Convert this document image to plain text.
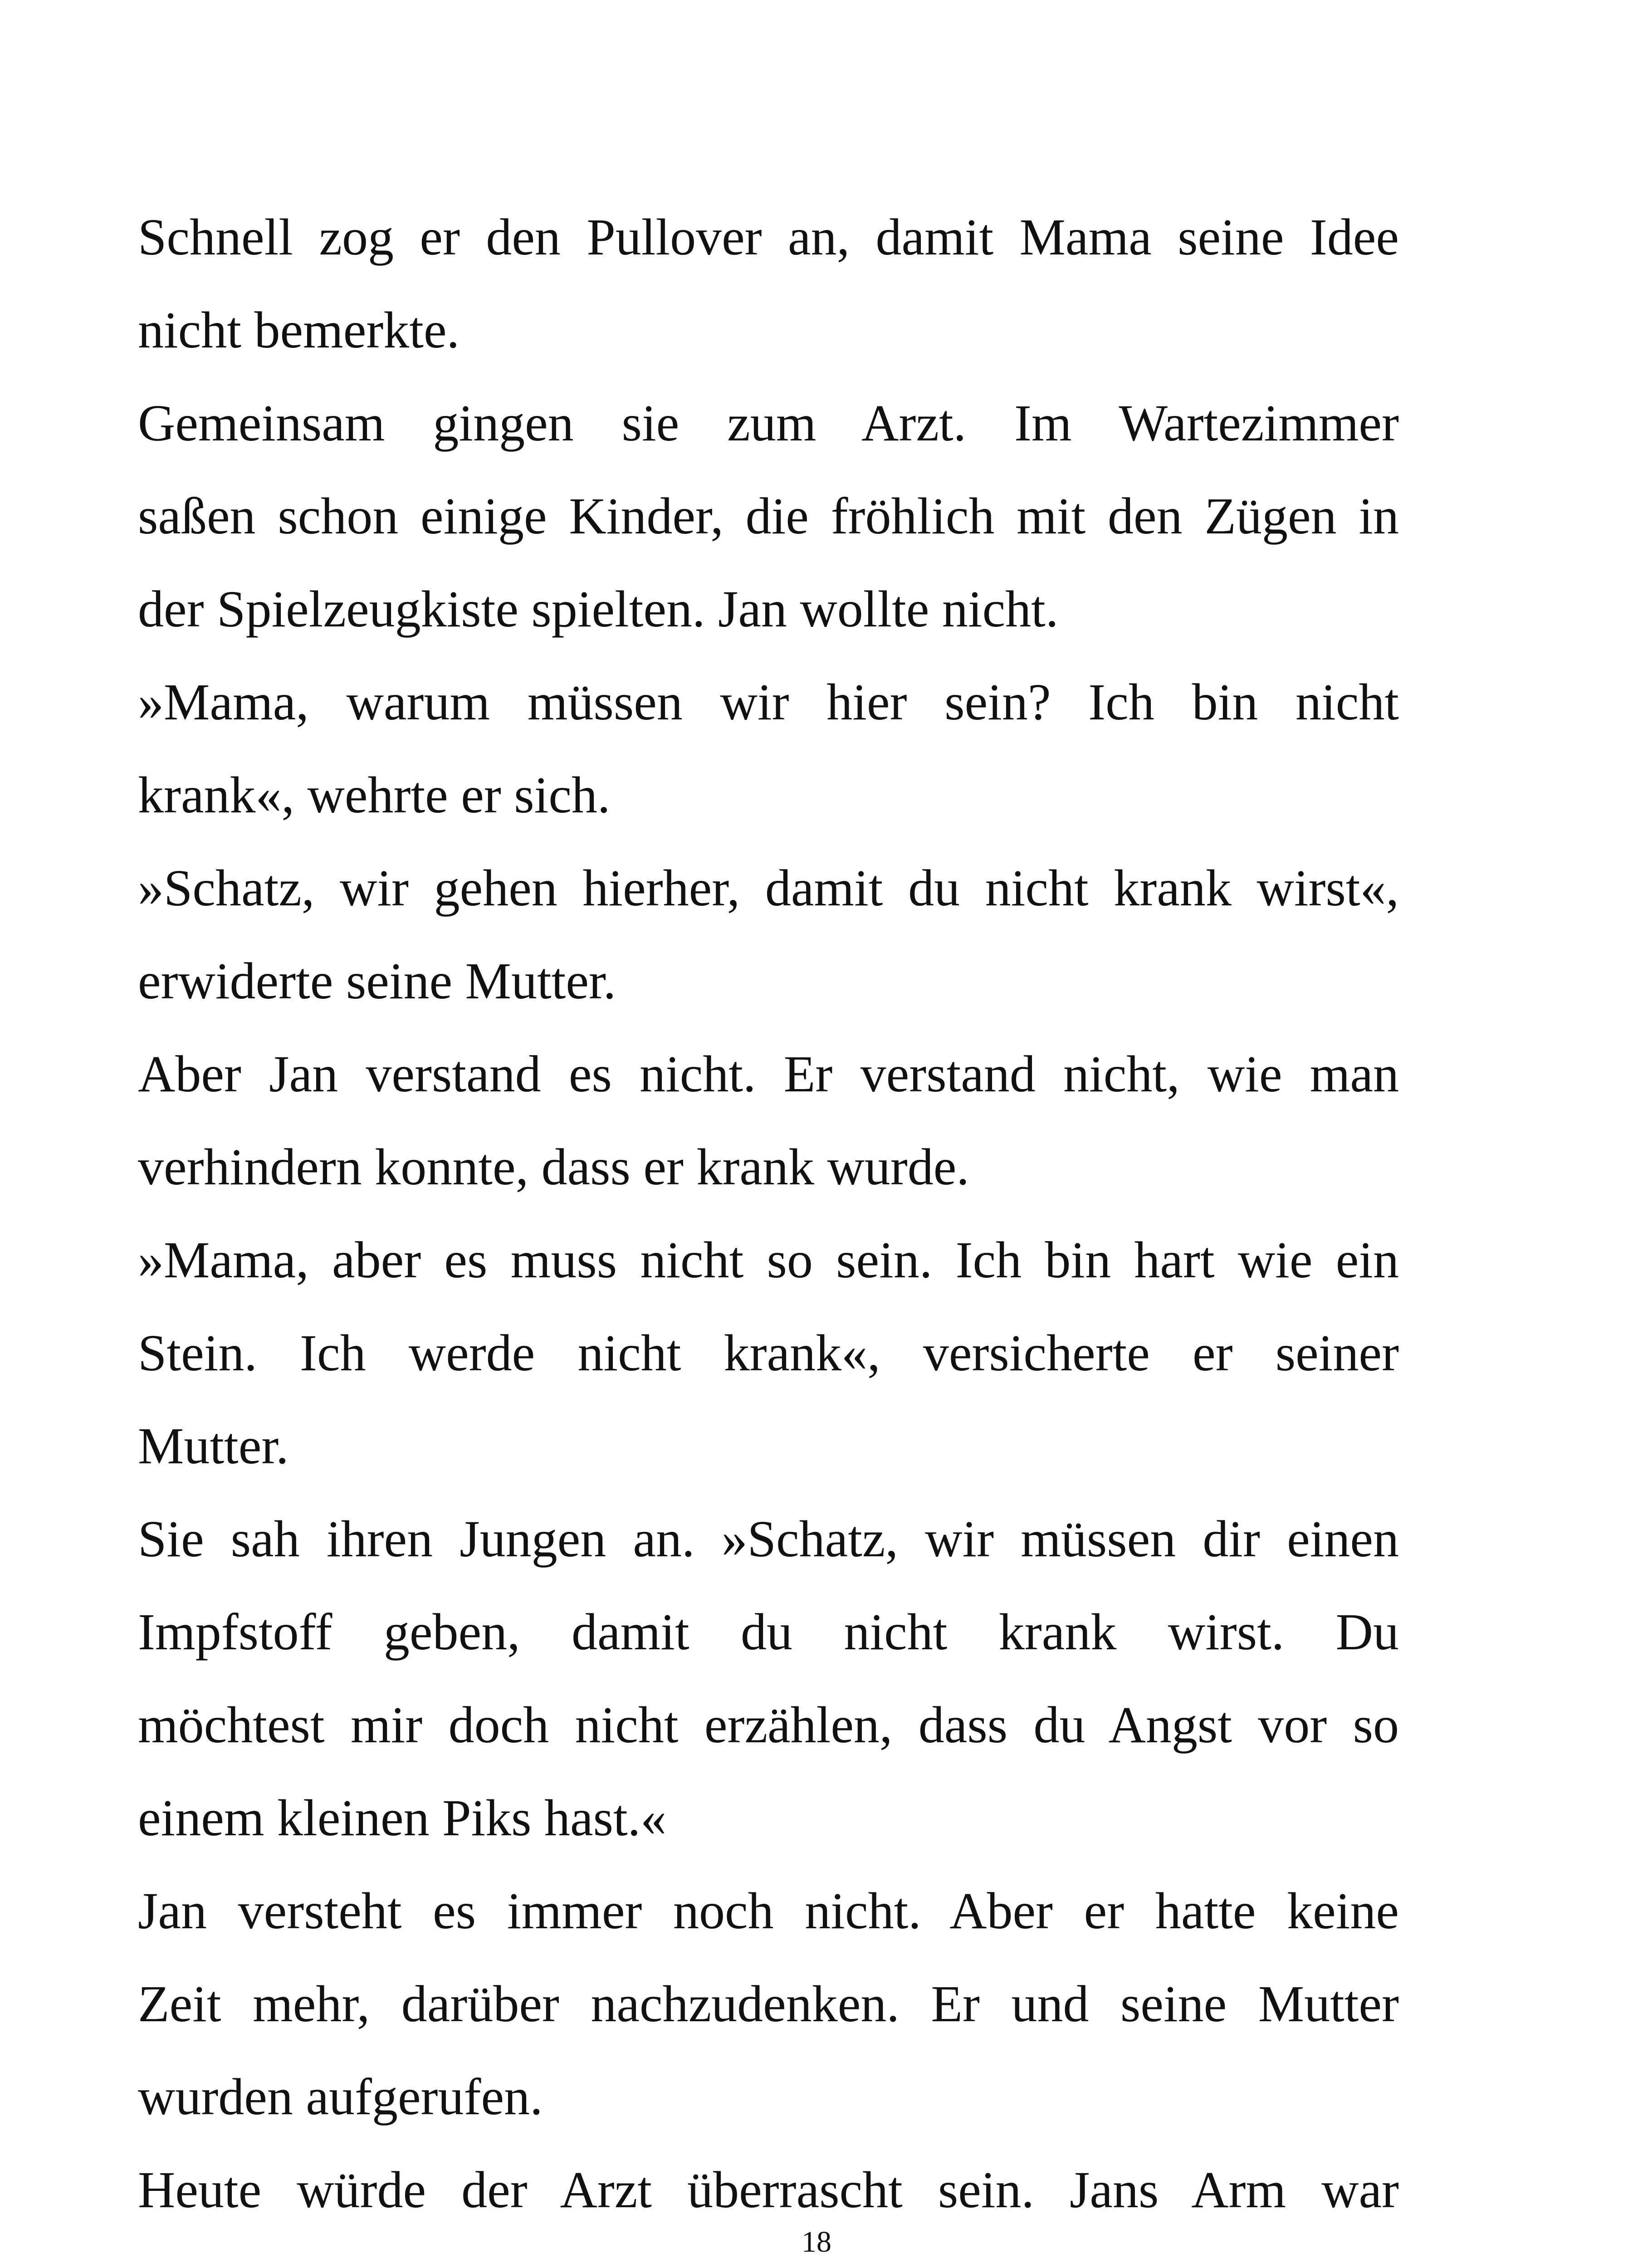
Schnell zog er den Pullover an, damit Mama seine Idee
nicht bemerkte.
Gemeinsam gingen sie zum Arzt. Im Wartezimmer
saßen schon einige Kinder, die fröhlich mit den Zügen in
der Spielzeugkiste spielten. Jan wollte nicht.
»Mama, warum müssen wir hier sein? Ich bin nicht
krank«, wehrte er sich.
»Schatz, wir gehen hierher, damit du nicht krank wirst«,
erwiderte seine Mutter.
Aber Jan verstand es nicht. Er verstand nicht, wie man
verhindern konnte, dass er krank wurde.
»Mama, aber es muss nicht so sein. Ich bin hart wie ein
Stein. Ich werde nicht krank«, versicherte er seiner
Mutter.
Sie sah ihren Jungen an. »Schatz, wir müssen dir einen
Impfstoff geben, damit du nicht krank wirst. Du
möchtest mir doch nicht erzählen, dass du Angst vor so
einem kleinen Piks hast.«
Jan versteht es immer noch nicht. Aber er hatte keine
Zeit mehr, darüber nachzudenken. Er und seine Mutter
wurden aufgerufen.
Heute würde der Arzt überrascht sein. Jans Arm war
18
